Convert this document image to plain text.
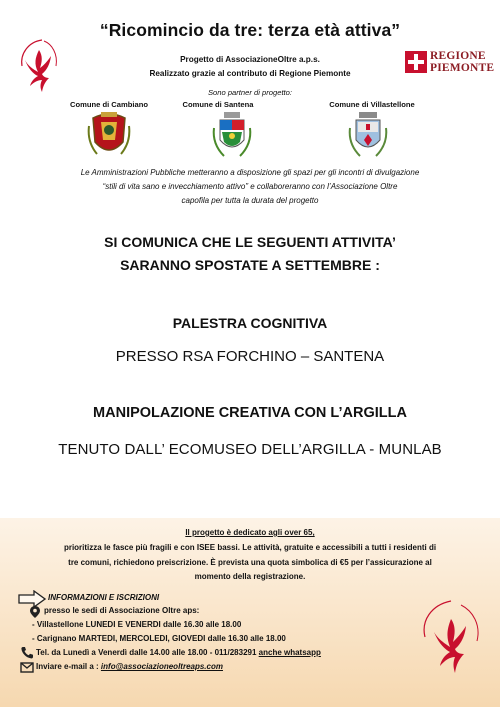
“Ricomincio da tre: terza età attiva”
Progetto di AssociazioneOltre a.p.s.
Realizzato grazie al contributo di Regione Piemonte
REGIONE
PIEMONTE
Sono partner di progetto:
Comune di Cambiano	Comune di Santena	Comune di Villastellone
Le Amministrazioni Pubbliche metteranno a disposizione gli spazi per gli incontri di divulgazione
“stili di vita sano e invecchiamento attivo” e collaboreranno con l’Associazione Oltre
capofila per tutta la durata del progetto
SI COMUNICA CHE LE SEGUENTI ATTIVITA’
SARANNO SPOSTATE A SETTEMBRE :
PALESTRA COGNITIVA
PRESSO RSA FORCHINO – SANTENA
MANIPOLAZIONE CREATIVA CON L’ARGILLA
TENUTO DALL’ ECOMUSEO DELL’ARGILLA - MUNLAB
Il progetto è dedicato agli over 65,
prioritizza le fasce più fragili e con ISEE bassi. Le attività, gratuite e accessibili a tutti i residenti di
tre comuni, richiedono preiscrizione. È prevista una quota simbolica di €5 per l’assicurazione al
momento della registrazione.
INFORMAZIONI E ISCRIZIONI
presso le sedi di Associazione Oltre aps:
- Villastellone LUNEDI E VENERDI dalle 16.30 alle 18.00
- Carignano MARTEDI, MERCOLEDI, GIOVEDI dalle 16.30 alle 18.00
Tel. da Lunedì a Venerdì dalle 14.00 alle 18.00 - 011/283291 anche whatsapp
Inviare e-mail a : info@associazioneoltreaps.com
